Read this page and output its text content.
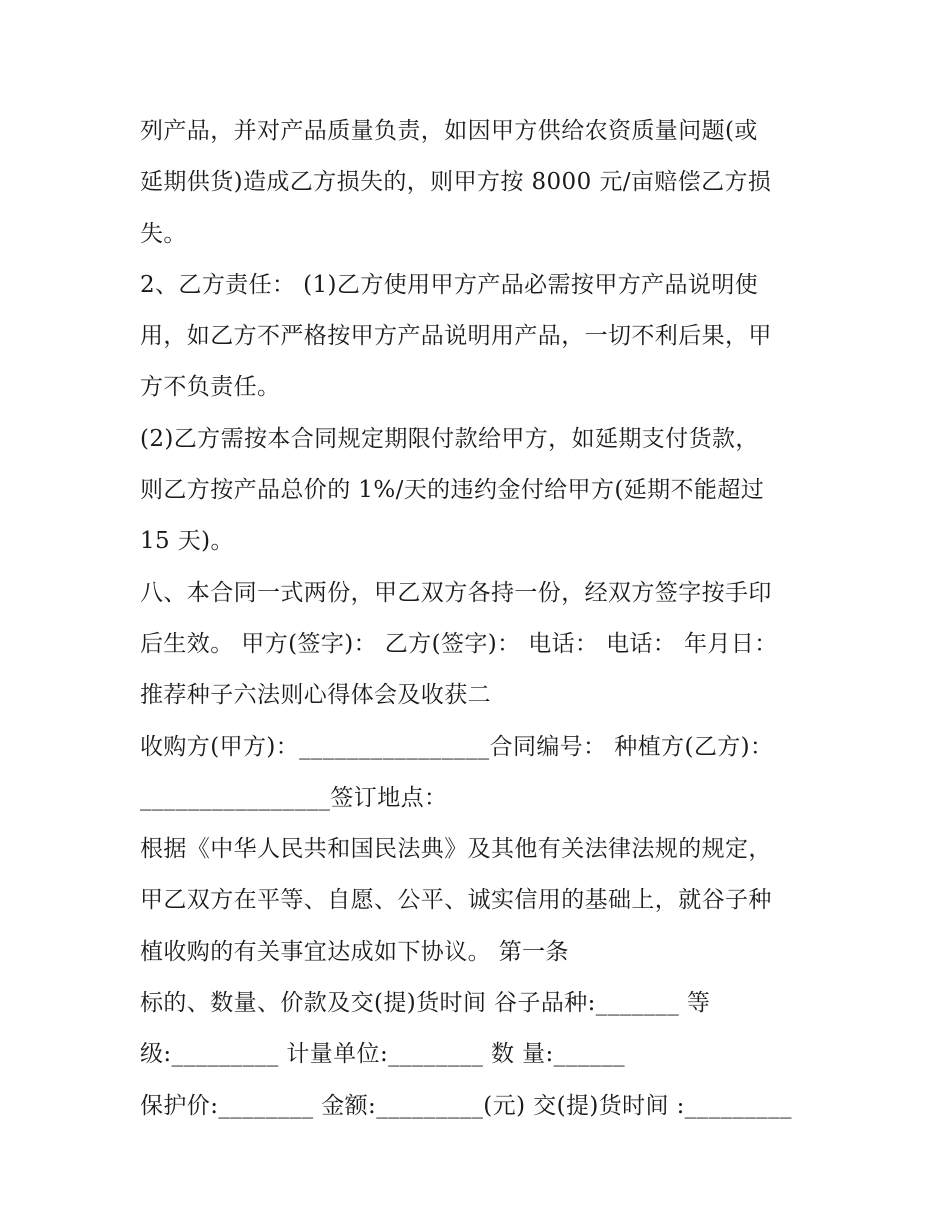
列产品，并对产品质量负责，如因甲方供给农资质量问题(或
延期供货)造成乙方损失的，则甲方按 8000 元/亩赔偿乙方损
失。
2、乙方责任： (1)乙方使用甲方产品必需按甲方产品说明使
用，如乙方不严格按甲方产品说明用产品，一切不利后果，甲
方不负责任。
(2)乙方需按本合同规定期限付款给甲方，如延期支付货款，
则乙方按产品总价的 1%/天的违约金付给甲方(延期不能超过
15 天)。
八、本合同一式两份，甲乙双方各持一份，经双方签字按手印
后生效。 甲方(签字)： 乙方(签字)： 电话： 电话： 年月日：
推荐种子六法则心得体会及收获二
收购方(甲方)：________________合同编号： 种植方(乙方)：
________________签订地点：
根据《中华人民共和国民法典》及其他有关法律法规的规定，
甲乙双方在平等、自愿、公平、诚实信用的基础上，就谷子种
植收购的有关事宜达成如下协议。 第一条
标的、数量、价款及交(提)货时间 谷子品种:_______ 等
级:_________ 计量单位:________ 数 量:______
保护价:________ 金额:_________(元) 交(提)货时间 :_________
